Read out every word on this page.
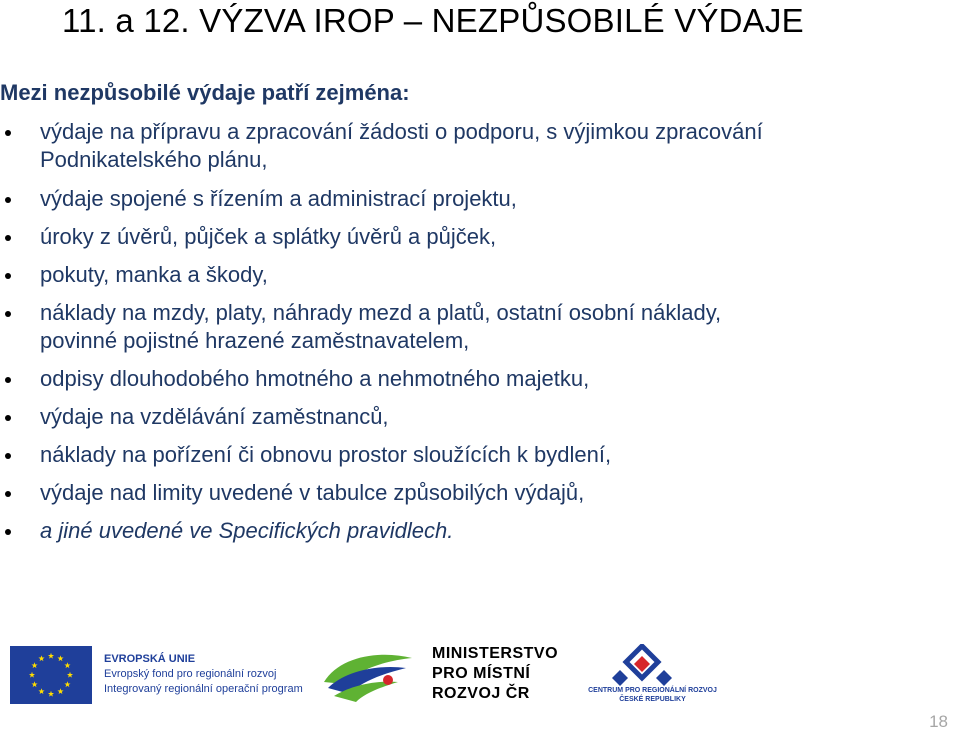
11. a 12. VÝZVA IROP – NEZPŮSOBILÉ VÝDAJE

Mezi nezpůsobilé výdaje patří zejména:

výdaje na přípravu a zpracování žádosti o podporu, s výjimkou zpracování
Podnikatelského plánu,
výdaje spojené s řízením a administrací projektu,
úroky z úvěrů, půjček a splátky úvěrů a půjček,
pokuty, manka a škody,
náklady na mzdy, platy, náhrady mezd a platů, ostatní osobní náklady,
povinné pojistné hrazené zaměstnavatelem,
odpisy dlouhodobého hmotného a nehmotného majetku,
výdaje na vzdělávání zaměstnanců,
náklady na pořízení či obnovu prostor sloužících k bydlení,
výdaje nad limity uvedené v tabulce způsobilých výdajů,
a jiné uvedené ve Specifických pravidlech.
EVROPSKÁ UNIE
Evropský fond pro regionální rozvoj
Integrovaný regionální operační program
MINISTERSTVO
PRO MÍSTNÍ
ROZVOJ ČR	CENTRUM PRO REGIONÁLNÍ ROZVOJ
ČESKÉ REPUBLIKY
18
